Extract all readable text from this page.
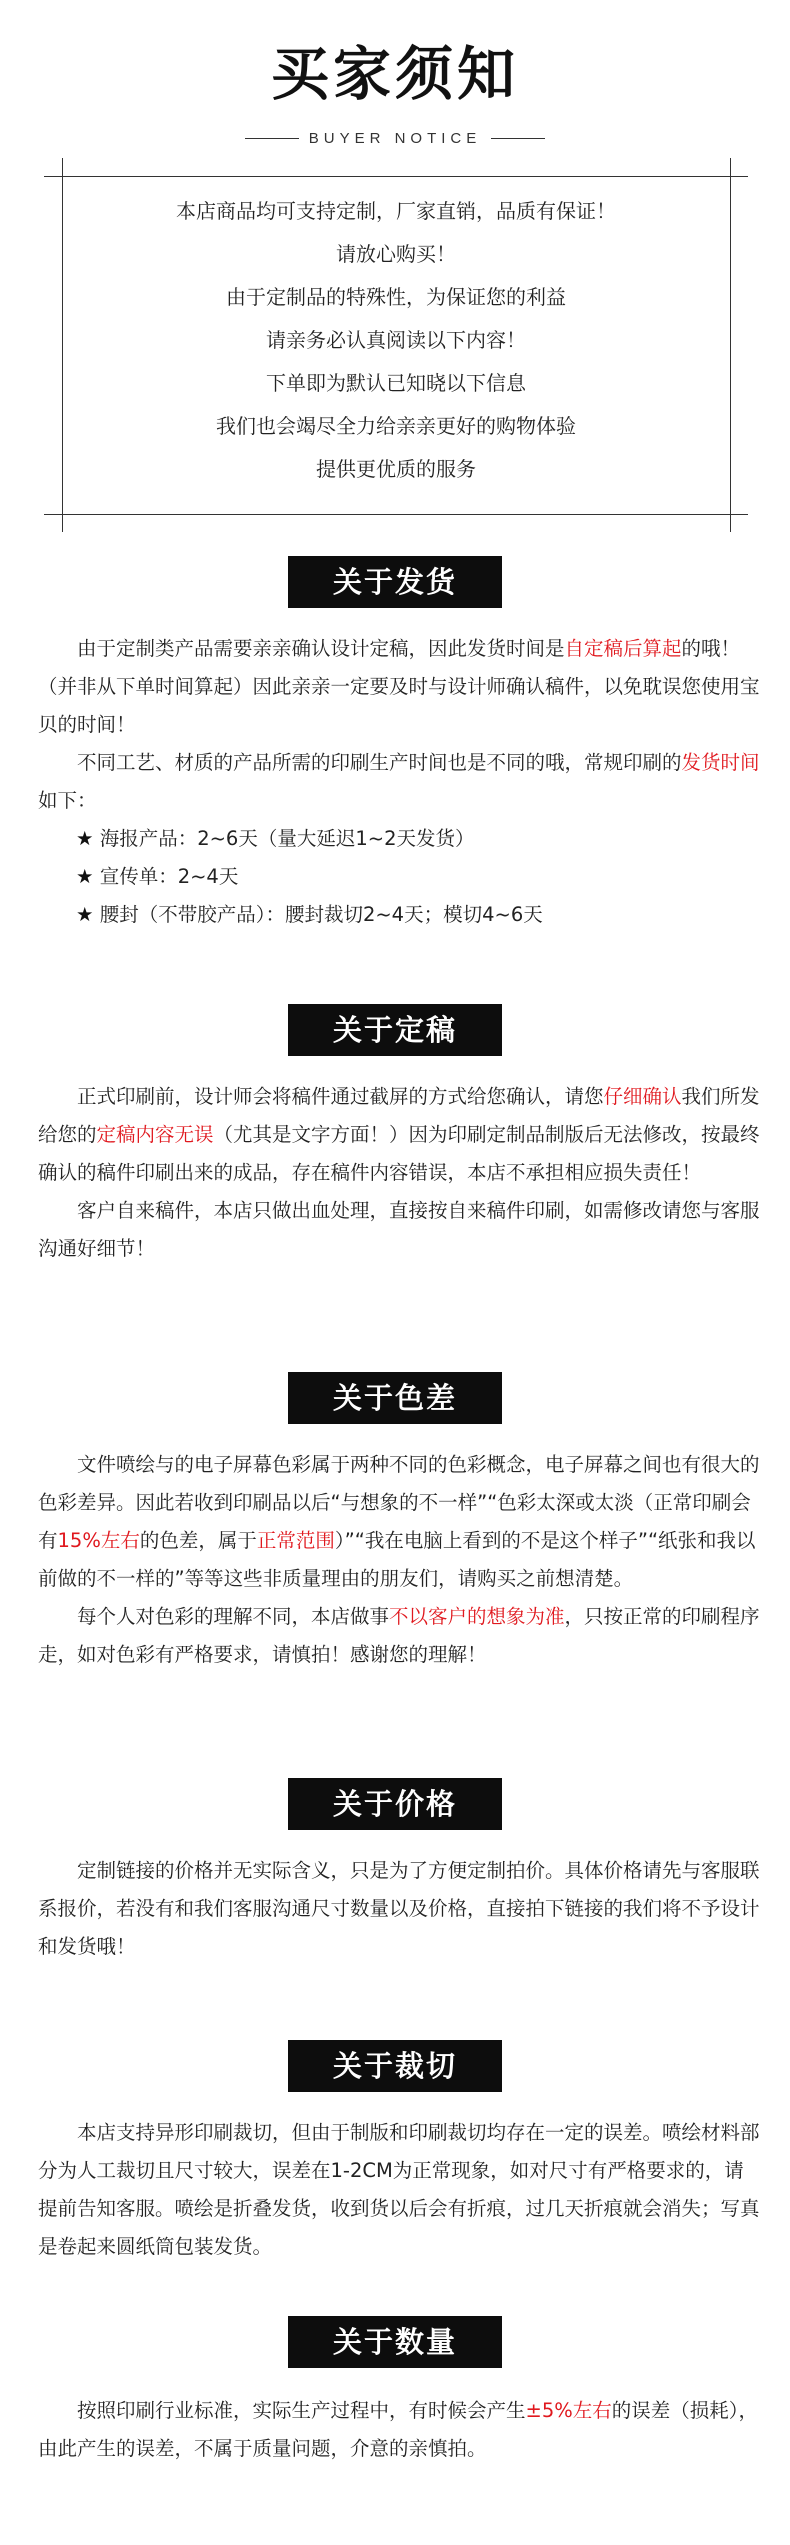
买家须知
BUYER NOTICE
本店商品均可支持定制，厂家直销，品质有保证！
请放心购买！
由于定制品的特殊性，为保证您的利益
请亲务必认真阅读以下内容！
下单即为默认已知晓以下信息
我们也会竭尽全力给亲亲更好的购物体验
提供更优质的服务
关于发货

由于定制类产品需要亲亲确认设计定稿，因此发货时间是自定稿后算起的哦！（并非从下单时间算起）因此亲亲一定要及时与设计师确认稿件，以免耽误您使用宝贝的时间！

不同工艺、材质的产品所需的印刷生产时间也是不同的哦，常规印刷的发货时间如下：

★ 海报产品：2~6天（量大延迟1~2天发货）

★ 宣传单：2~4天

★ 腰封（不带胶产品）：腰封裁切2~4天；模切4~6天

关于定稿

正式印刷前，设计师会将稿件通过截屏的方式给您确认，请您仔细确认我们所发给您的定稿内容无误（尤其是文字方面！）因为印刷定制品制版后无法修改，按最终确认的稿件印刷出来的成品，存在稿件内容错误，本店不承担相应损失责任！

客户自来稿件，本店只做出血处理，直接按自来稿件印刷，如需修改请您与客服沟通好细节！

关于色差

文件喷绘与的电子屏幕色彩属于两种不同的色彩概念，电子屏幕之间也有很大的色彩差异。因此若收到印刷品以后“与想象的不一样”“色彩太深或太淡（正常印刷会有15%左右的色差，属于正常范围）”“我在电脑上看到的不是这个样子”“纸张和我以前做的不一样的”等等这些非质量理由的朋友们，请购买之前想清楚。

每个人对色彩的理解不同，本店做事不以客户的想象为准，只按正常的印刷程序走，如对色彩有严格要求，请慎拍！感谢您的理解！

关于价格

定制链接的价格并无实际含义，只是为了方便定制拍价。具体价格请先与客服联系报价，若没有和我们客服沟通尺寸数量以及价格，直接拍下链接的我们将不予设计和发货哦！

关于裁切

本店支持异形印刷裁切，但由于制版和印刷裁切均存在一定的误差。喷绘材料部分为人工裁切且尺寸较大，误差在1-2CM为正常现象，如对尺寸有严格要求的，请提前告知客服。喷绘是折叠发货，收到货以后会有折痕，过几天折痕就会消失；写真是卷起来圆纸筒包装发货。

关于数量

按照印刷行业标准，实际生产过程中，有时候会产生±5%左右的误差（损耗），由此产生的误差，不属于质量问题，介意的亲慎拍。
